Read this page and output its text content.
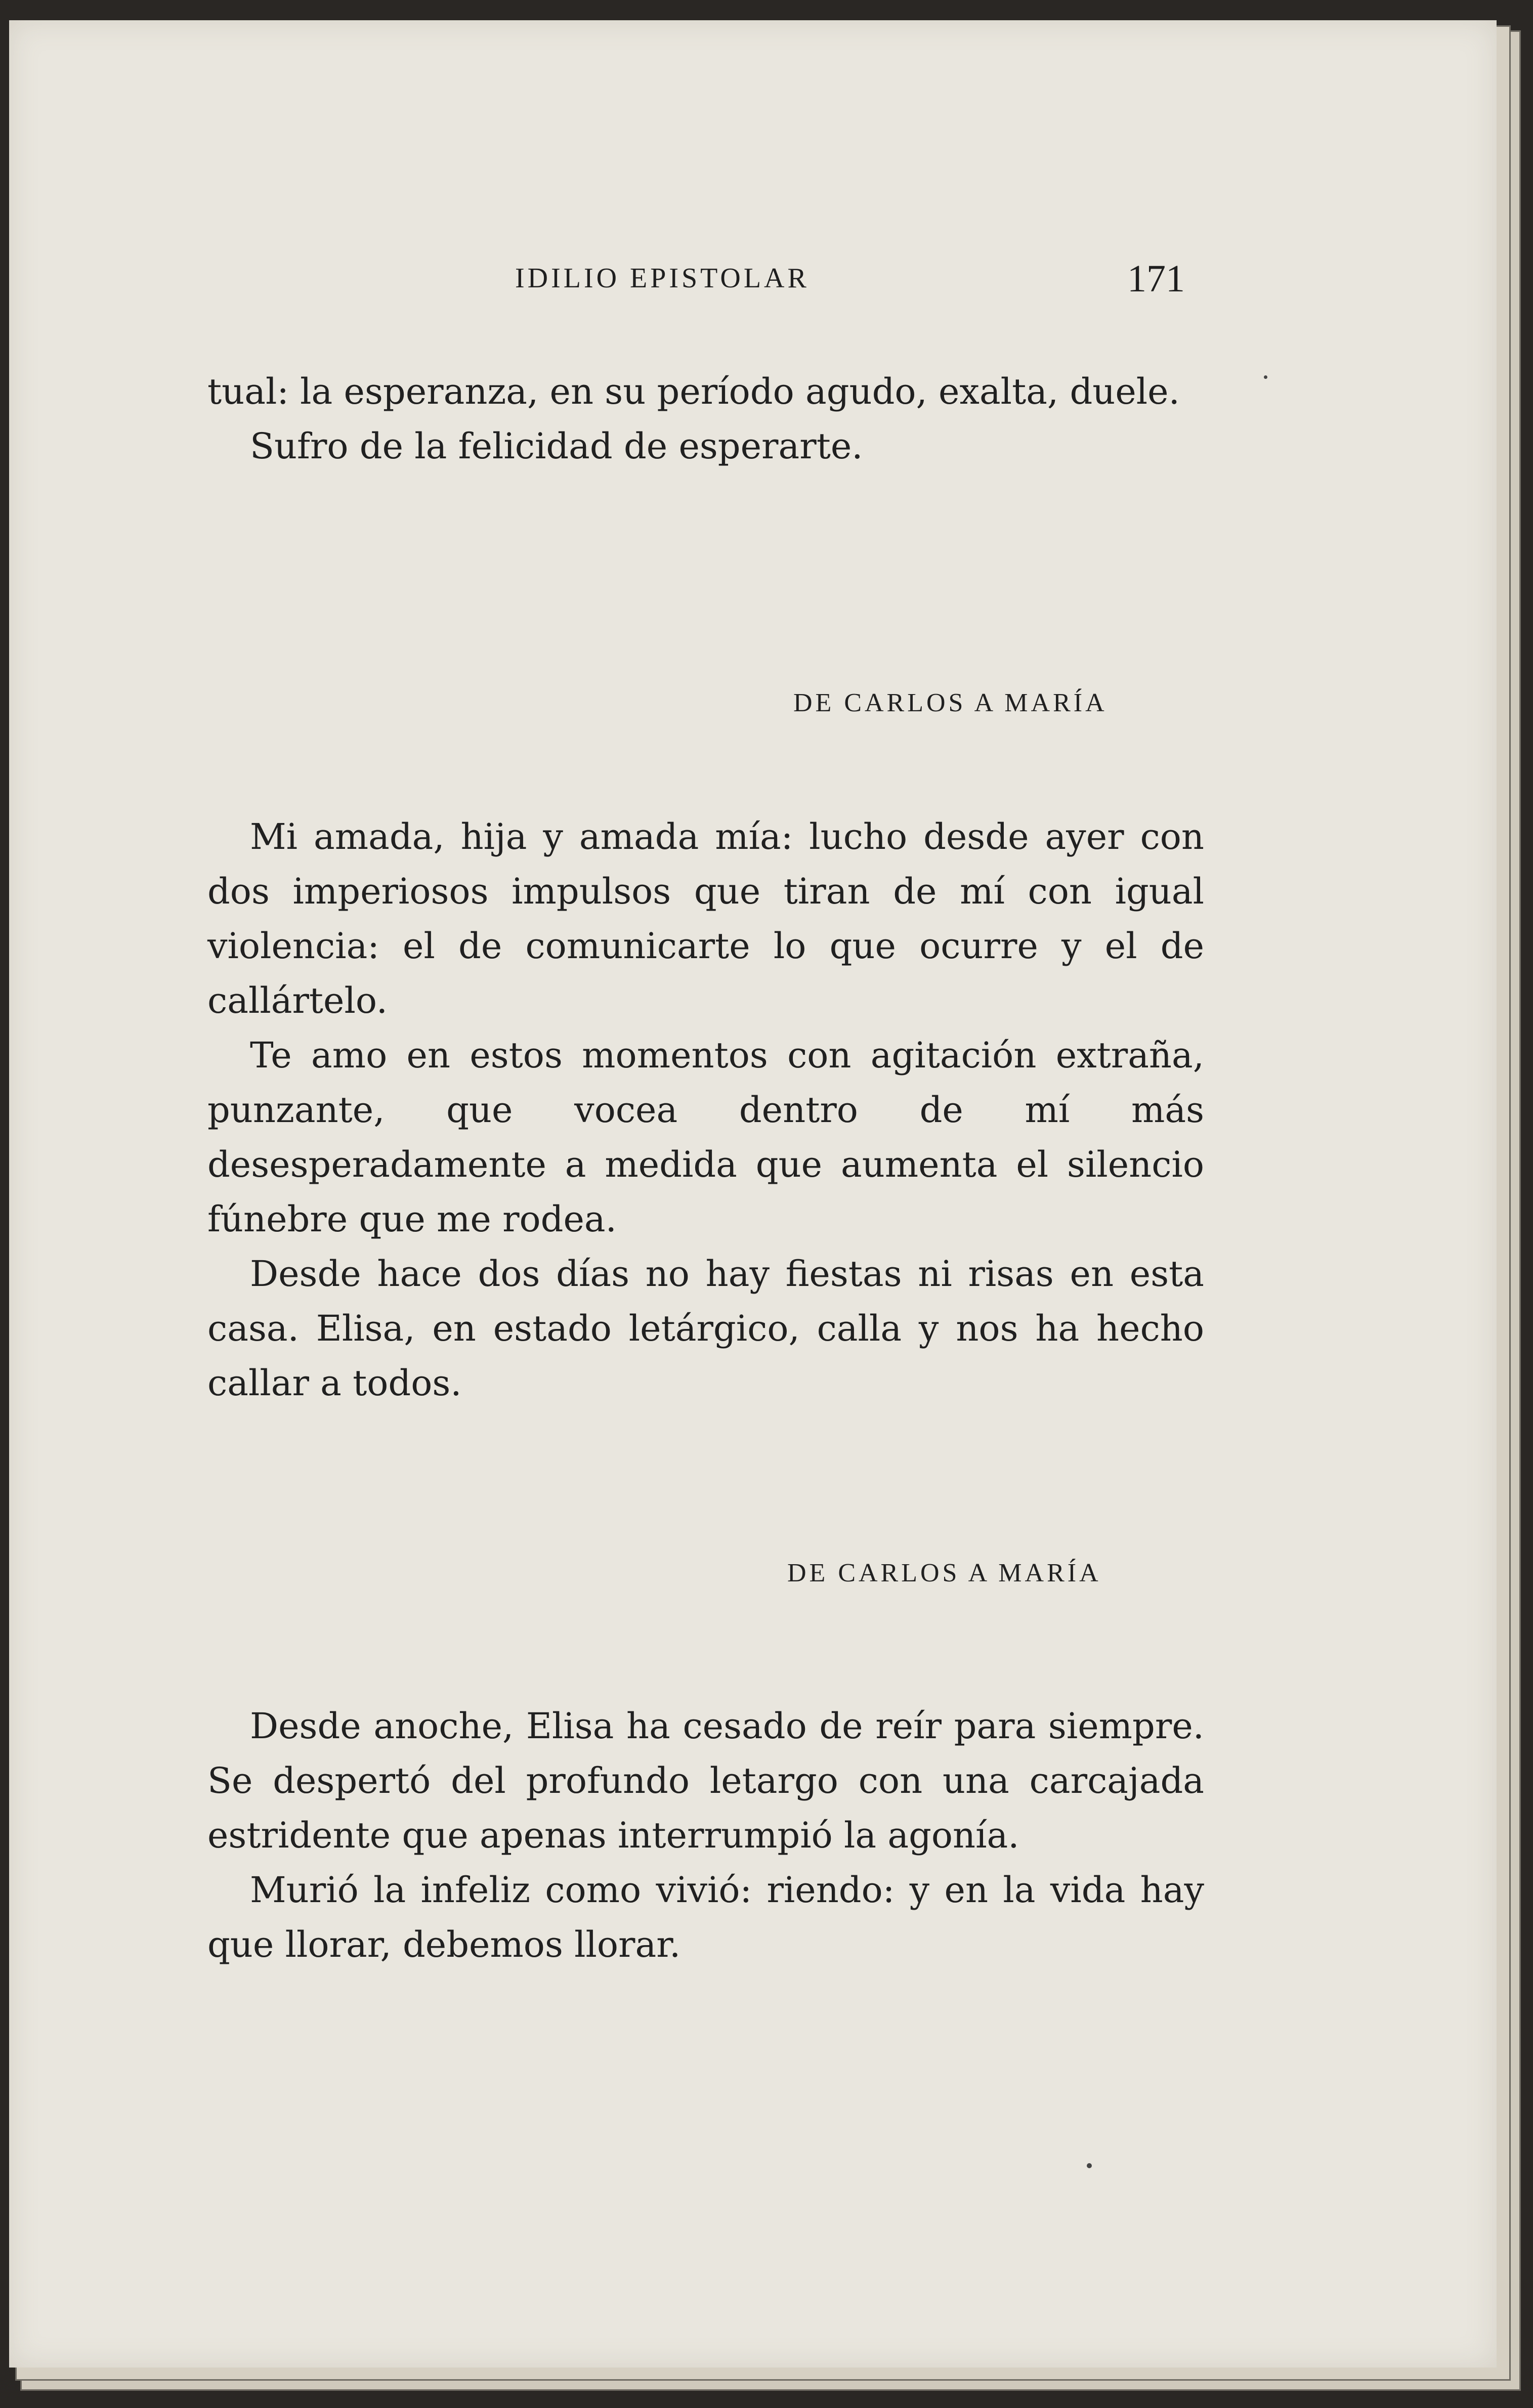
IDILIO EPISTOLAR	171

tual: la esperanza, en su período agudo, exalta, duele.

Sufro de la felicidad de esperarte.

DE CARLOS A MARÍA

Mi amada, hija y amada mía: lucho desde ayer con dos imperiosos impulsos que tiran de mí con igual violencia: el de comunicarte lo que ocurre y el de callártelo.

Te amo en estos momentos con agitación extraña, punzante, que vocea dentro de mí más desesperadamente a medida que aumenta el silencio fúnebre que me rodea.

Desde hace dos días no hay fiestas ni risas en esta casa. Elisa, en estado letárgico, calla y nos ha hecho callar a todos.

DE CARLOS A MARÍA

Desde anoche, Elisa ha cesado de reír para siempre. Se despertó del profundo letargo con una carcajada estridente que apenas interrumpió la agonía.

Murió la infeliz como vivió: riendo: y en la vida hay que llorar, debemos llorar.
